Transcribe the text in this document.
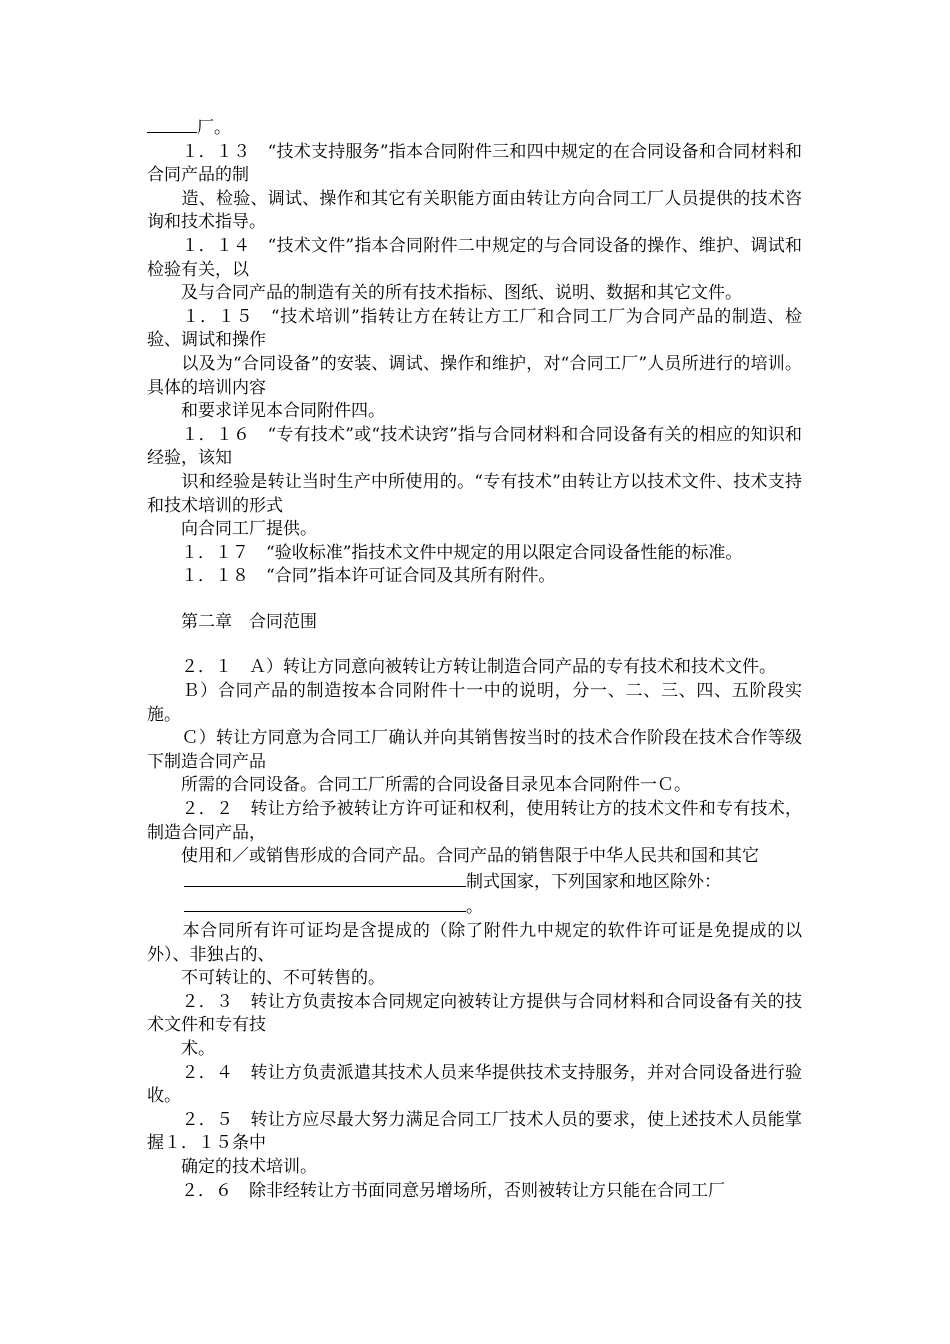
厂。

　　１．１３　“技术支持服务”指本合同附件三和四中规定的在合同设备和合同材料和合同产品的制

　　造、检验、调试、操作和其它有关职能方面由转让方向合同工厂人员提供的技术咨询和技术指导。

　　１．１４　“技术文件”指本合同附件二中规定的与合同设备的操作、维护、调试和检验有关，以

　　及与合同产品的制造有关的所有技术指标、图纸、说明、数据和其它文件。

　　１．１５　“技术培训”指转让方在转让方工厂和合同工厂为合同产品的制造、检验、调试和操作

　　以及为“合同设备”的安装、调试、操作和维护，对“合同工厂”人员所进行的培训。具体的培训内容

　　和要求详见本合同附件四。

　　１．１６　“专有技术”或“技术诀窍”指与合同材料和合同设备有关的相应的知识和经验，该知

　　识和经验是转让当时生产中所使用的。“专有技术”由转让方以技术文件、技术支持和技术培训的形式

　　向合同工厂提供。

　　１．１７　“验收标准”指技术文件中规定的用以限定合同设备性能的标准。

　　１．１８　“合同”指本许可证合同及其所有附件。

　　第二章　合同范围

　　２．１　Ａ）转让方同意向被转让方转让制造合同产品的专有技术和技术文件。

　　Ｂ）合同产品的制造按本合同附件十一中的说明，分一、二、三、四、五阶段实施。

　　Ｃ）转让方同意为合同工厂确认并向其销售按当时的技术合作阶段在技术合作等级下制造合同产品

　　所需的合同设备。合同工厂所需的合同设备目录见本合同附件一Ｃ。

　　２．２　转让方给予被转让方许可证和权利，使用转让方的技术文件和专有技术，制造合同产品，

　　使用和／或销售形成的合同产品。合同产品的销售限于中华人民共和国和其它

制式国家，下列国家和地区除外：

。

　　本合同所有许可证均是含提成的（除了附件九中规定的软件许可证是免提成的以外）、非独占的、

　　不可转让的、不可转售的。

　　２．３　转让方负责按本合同规定向被转让方提供与合同材料和合同设备有关的技术文件和专有技

　　术。

　　２．４　转让方负责派遣其技术人员来华提供技术支持服务，并对合同设备进行验收。

　　２．５　转让方应尽最大努力满足合同工厂技术人员的要求，使上述技术人员能掌握１．１５条中

　　确定的技术培训。

　　２．６　除非经转让方书面同意另增场所，否则被转让方只能在合同工厂
